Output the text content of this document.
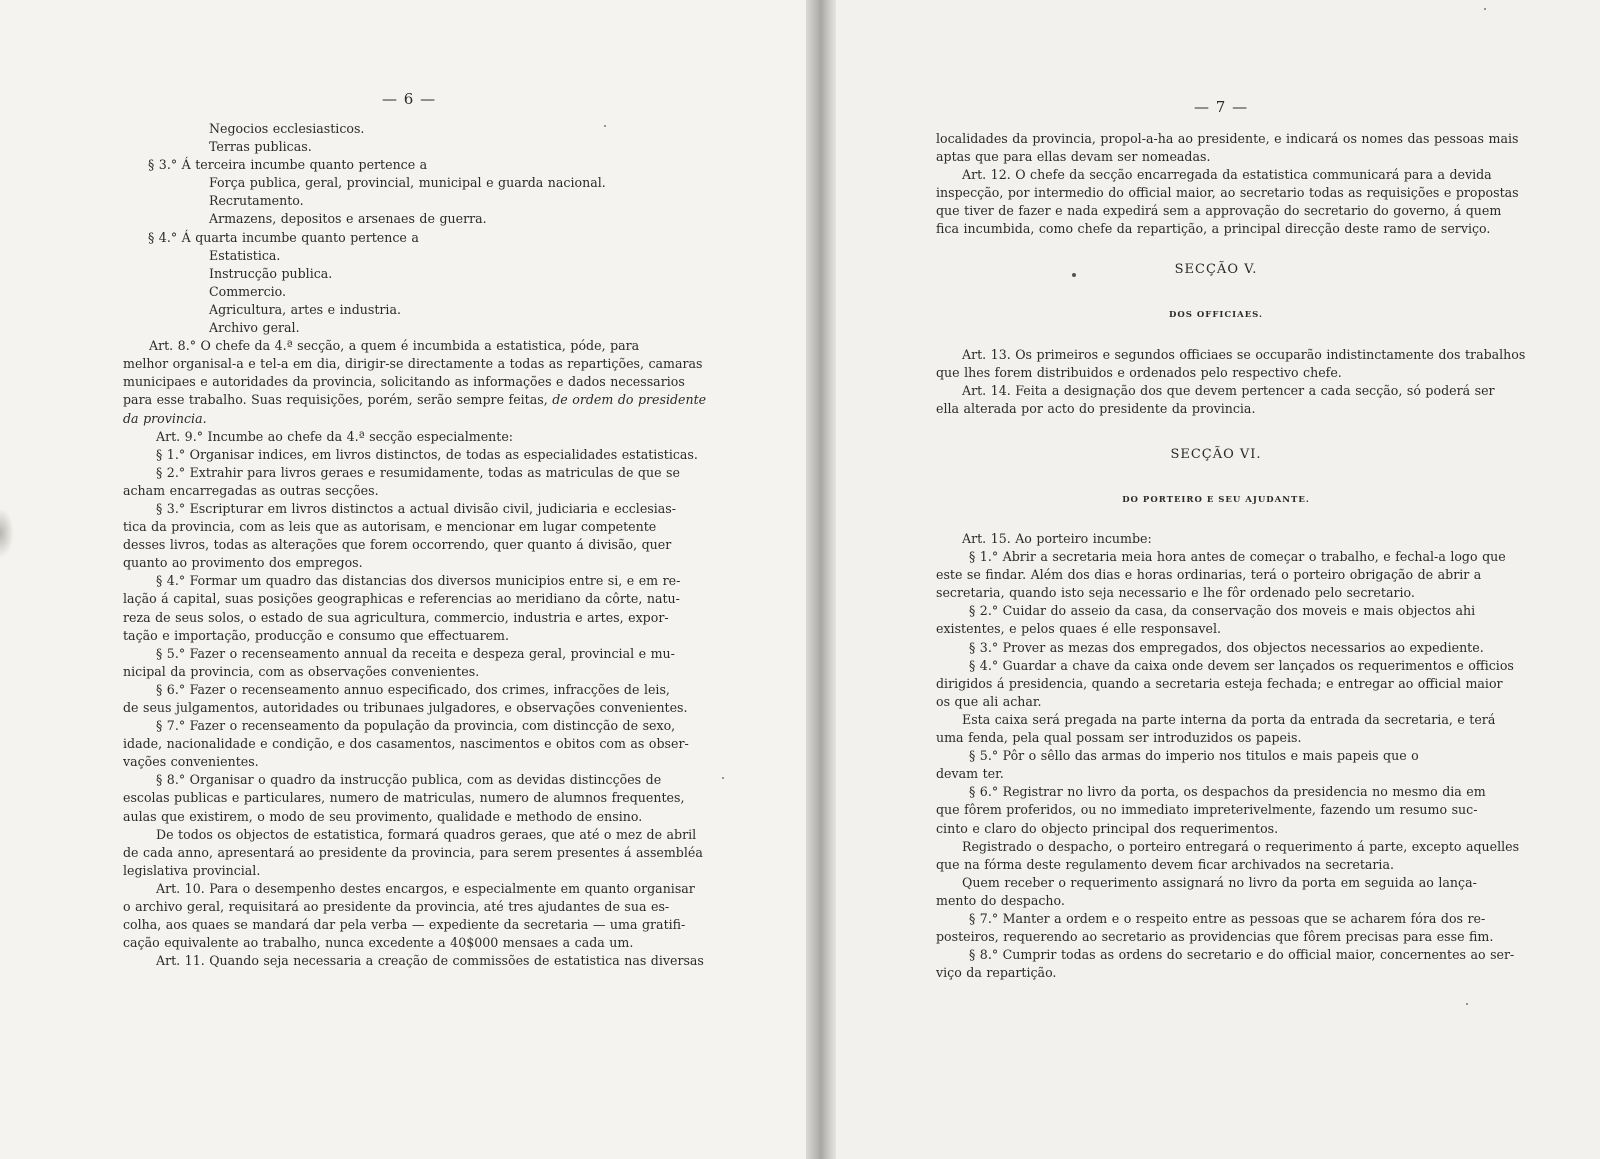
— 6 —
Negocios ecclesiasticos.
Terras publicas.
§ 3.° Á terceira incumbe quanto pertence a
Força publica, geral, provincial, municipal e guarda nacional.
Recrutamento.
Armazens, depositos e arsenaes de guerra.
§ 4.° Á quarta incumbe quanto pertence a
Estatistica.
Instrucção publica.
Commercio.
Agricultura, artes e industria.
Archivo geral.
Art. 8.° O chefe da 4.ª secção, a quem é incumbida a estatistica, póde, para
melhor organisal-a e tel-a em dia, dirigir-se directamente a todas as repartições, camaras
municipaes e autoridades da provincia, solicitando as informações e dados necessarios
para esse trabalho. Suas requisições, porém, serão sempre feitas, de ordem do presidente
da provincia.
Art. 9.° Incumbe ao chefe da 4.ª secção especialmente:
§ 1.° Organisar indices, em livros distinctos, de todas as especialidades estatisticas.
§ 2.° Extrahir para livros geraes e resumidamente, todas as matriculas de que se
acham encarregadas as outras secções.
§ 3.° Escripturar em livros distinctos a actual divisão civil, judiciaria e ecclesias-
tica da provincia, com as leis que as autorisam, e mencionar em lugar competente
desses livros, todas as alterações que forem occorrendo, quer quanto á divisão, quer
quanto ao provimento dos empregos.
§ 4.° Formar um quadro das distancias dos diversos municipios entre si, e em re-
lação á capital, suas posições geographicas e referencias ao meridiano da côrte, natu-
reza de seus solos, o estado de sua agricultura, commercio, industria e artes, expor-
tação e importação, producção e consumo que effectuarem.
§ 5.° Fazer o recenseamento annual da receita e despeza geral, provincial e mu-
nicipal da provincia, com as observações convenientes.
§ 6.° Fazer o recenseamento annuo especificado, dos crimes, infracções de leis,
de seus julgamentos, autoridades ou tribunaes julgadores, e observações convenientes.
§ 7.° Fazer o recenseamento da população da provincia, com distincção de sexo,
idade, nacionalidade e condição, e dos casamentos, nascimentos e obitos com as obser-
vações convenientes.
§ 8.° Organisar o quadro da instrucção publica, com as devidas distincções de
escolas publicas e particulares, numero de matriculas, numero de alumnos frequentes,
aulas que existirem, o modo de seu provimento, qualidade e methodo de ensino.
De todos os objectos de estatistica, formará quadros geraes, que até o mez de abril
de cada anno, apresentará ao presidente da provincia, para serem presentes á assembléa
legislativa provincial.
Art. 10. Para o desempenho destes encargos, e especialmente em quanto organisar
o archivo geral, requisitará ao presidente da provincia, até tres ajudantes de sua es-
colha, aos quaes se mandará dar pela verba — expediente da secretaria — uma gratifi-
cação equivalente ao trabalho, nunca excedente a 40$000 mensaes a cada um.
Art. 11. Quando seja necessaria a creação de commissões de estatistica nas diversas
— 7 —
localidades da provincia, propol-a-ha ao presidente, e indicará os nomes das pessoas mais
aptas que para ellas devam ser nomeadas.
Art. 12. O chefe da secção encarregada da estatistica communicará para a devida
inspecção, por intermedio do official maior, ao secretario todas as requisições e propostas
que tiver de fazer e nada expedirá sem a approvação do secretario do governo, á quem
fica incumbida, como chefe da repartição, a principal direcção deste ramo de serviço.
SECÇÃO V.
DOS OFFICIAES.
Art. 13. Os primeiros e segundos officiaes se occuparão indistinctamente dos trabalhos
que lhes forem distribuidos e ordenados pelo respectivo chefe.
Art. 14. Feita a designação dos que devem pertencer a cada secção, só poderá ser
ella alterada por acto do presidente da provincia.
SECÇÃO VI.
DO PORTEIRO E SEU AJUDANTE.
Art. 15. Ao porteiro incumbe:
§ 1.° Abrir a secretaria meia hora antes de começar o trabalho, e fechal-a logo que
este se findar. Além dos dias e horas ordinarias, terá o porteiro obrigação de abrir a
secretaria, quando isto seja necessario e lhe fôr ordenado pelo secretario.
§ 2.° Cuidar do asseio da casa, da conservação dos moveis e mais objectos ahi
existentes, e pelos quaes é elle responsavel.
§ 3.° Prover as mezas dos empregados, dos objectos necessarios ao expediente.
§ 4.° Guardar a chave da caixa onde devem ser lançados os requerimentos e officios
dirigidos á presidencia, quando a secretaria esteja fechada; e entregar ao official maior
os que ali achar.
Esta caixa será pregada na parte interna da porta da entrada da secretaria, e terá
uma fenda, pela qual possam ser introduzidos os papeis.
§ 5.° Pôr o sêllo das armas do imperio nos titulos e mais papeis que o
devam ter.
§ 6.° Registrar no livro da porta, os despachos da presidencia no mesmo dia em
que fôrem proferidos, ou no immediato impreterivelmente, fazendo um resumo suc-
cinto e claro do objecto principal dos requerimentos.
Registrado o despacho, o porteiro entregará o requerimento á parte, excepto aquelles
que na fórma deste regulamento devem ficar archivados na secretaria.
Quem receber o requerimento assignará no livro da porta em seguida ao lança-
mento do despacho.
§ 7.° Manter a ordem e o respeito entre as pessoas que se acharem fóra dos re-
posteiros, requerendo ao secretario as providencias que fôrem precisas para esse fim.
§ 8.° Cumprir todas as ordens do secretario e do official maior, concernentes ao ser-
viço da repartição.
